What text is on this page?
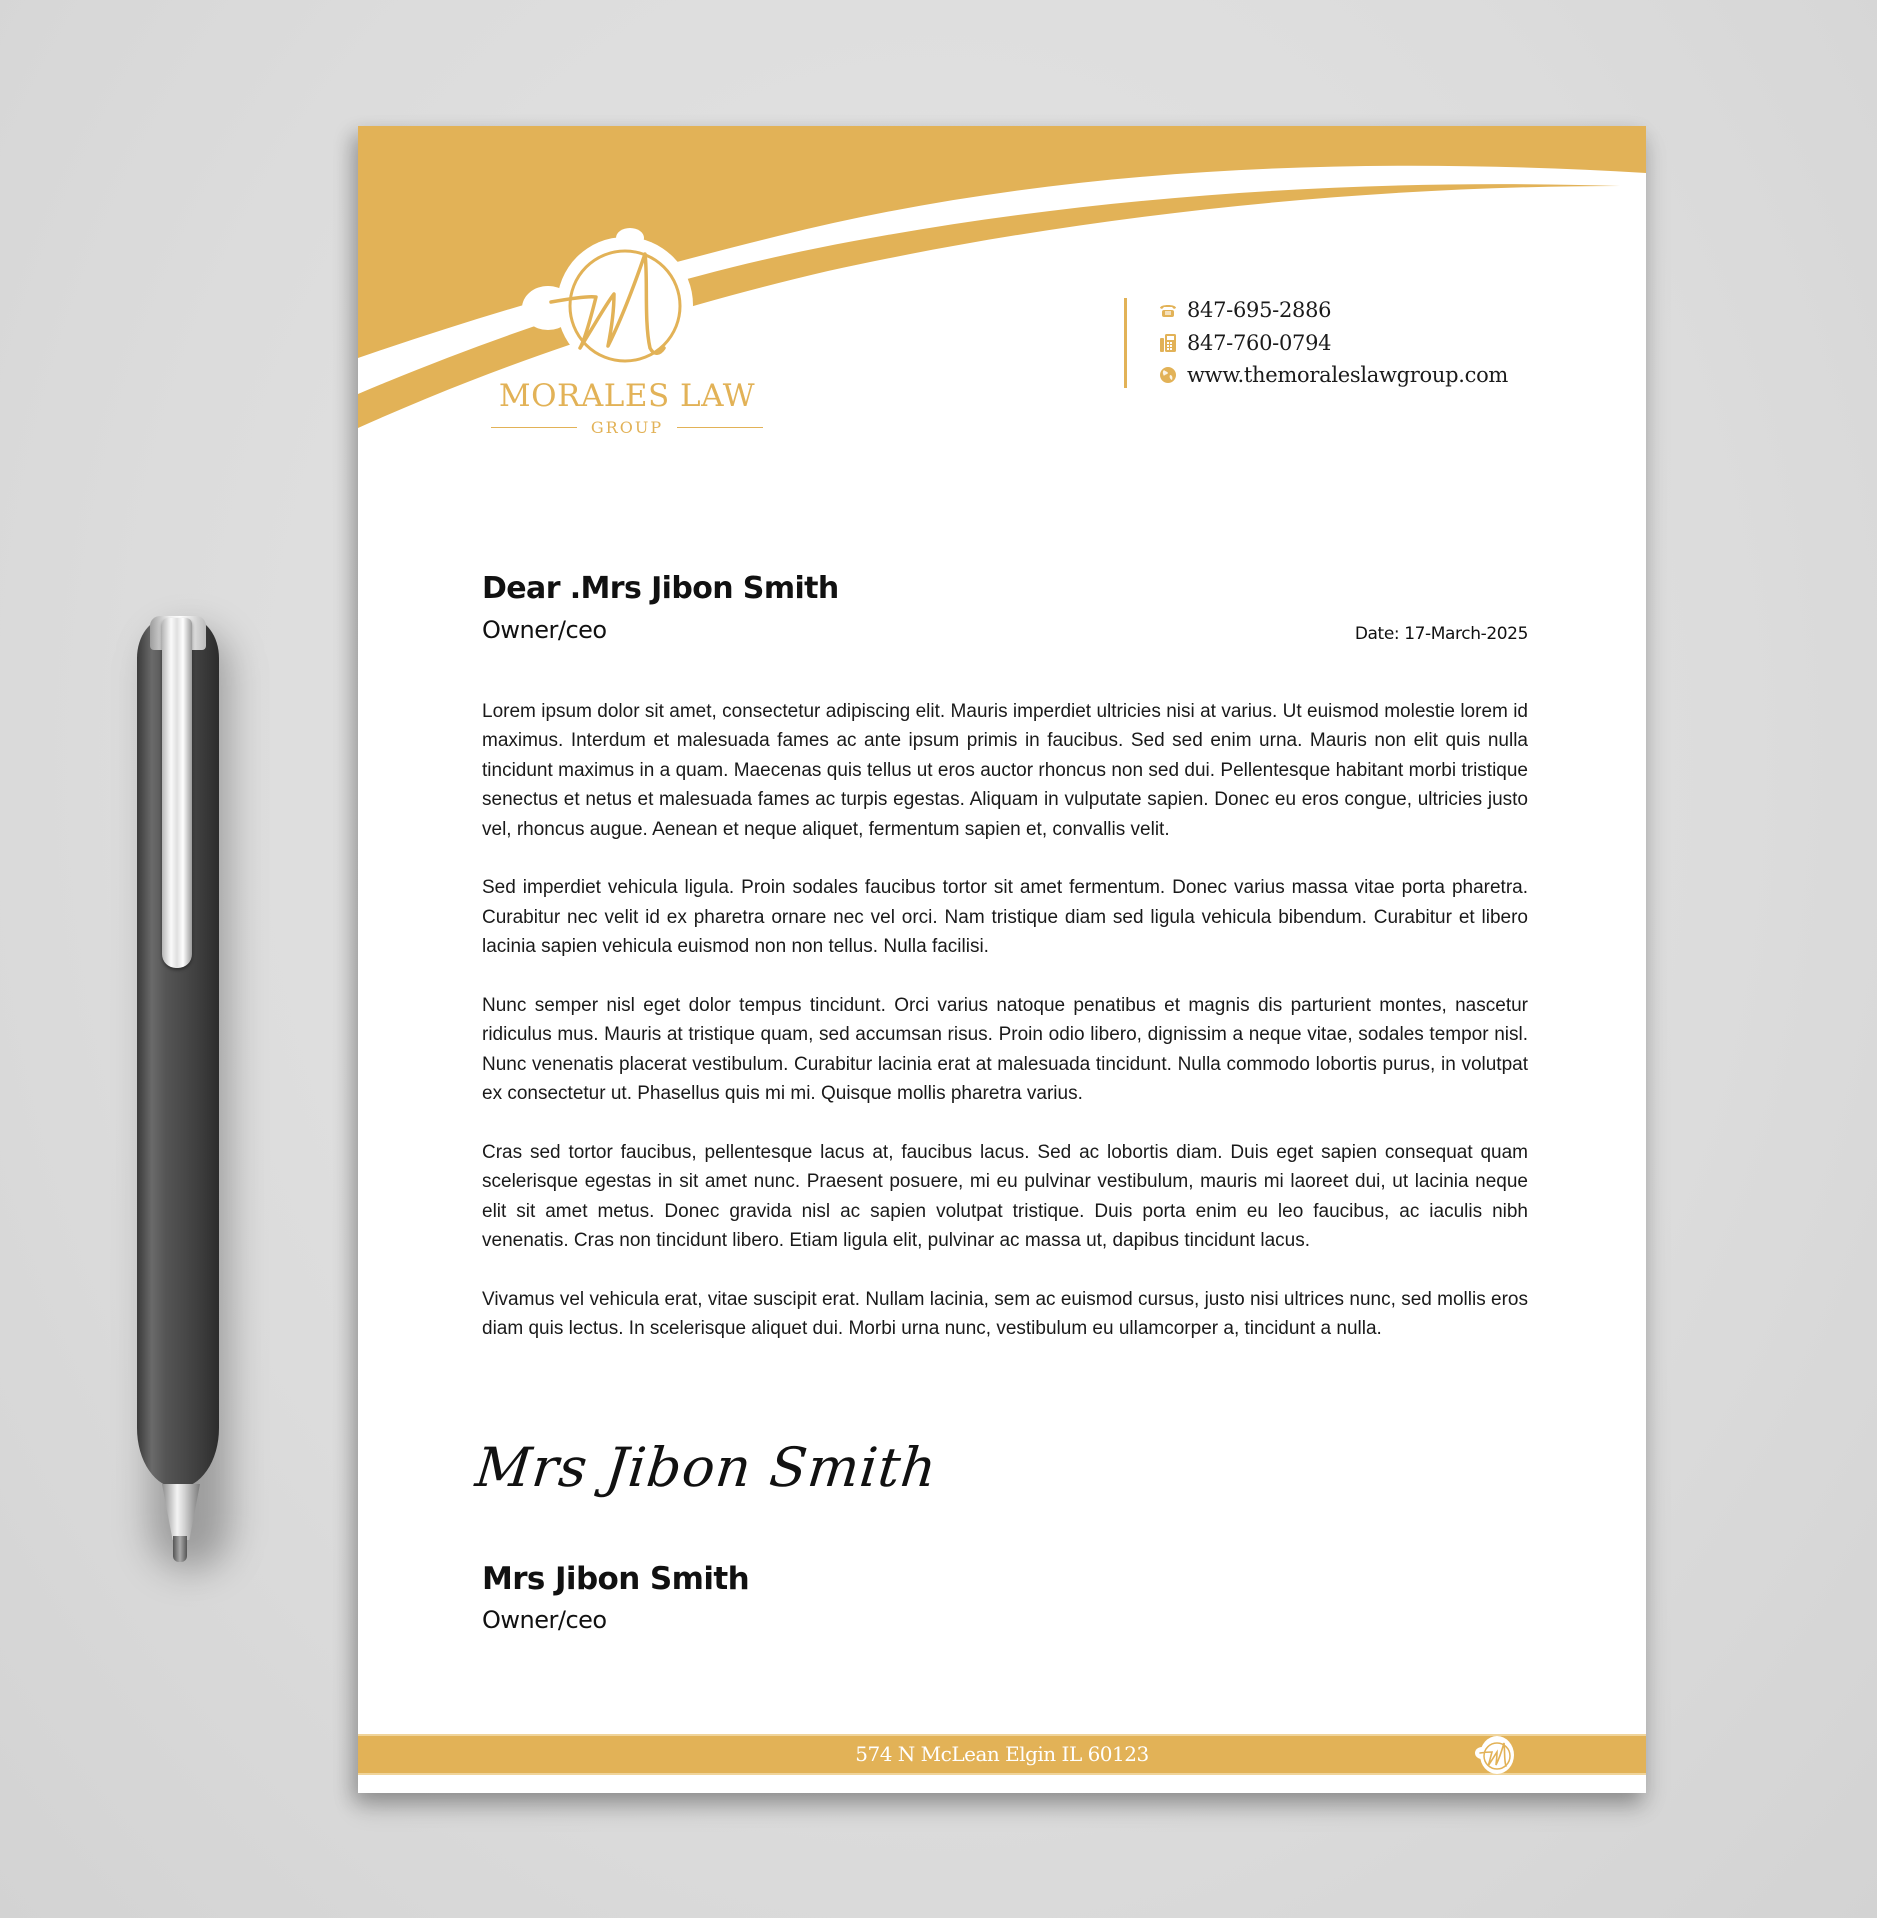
MORALES LAW
GROUP
847-695-2886
847-760-0794
www.themoraleslawgroup.com
Dear .Mrs Jibon Smith
Owner/ceo	Date: 17-March-2025

Lorem ipsum dolor sit amet, consectetur adipiscing elit. Mauris imperdiet ultricies nisi at varius. Ut euismod molestie lorem id maximus. Interdum et malesuada fames ac ante ipsum primis in faucibus. Sed sed enim urna. Mauris non elit quis nulla tincidunt maximus in a quam. Maecenas quis tellus ut eros auctor rhoncus non sed dui. Pellentesque habitant morbi tristique senectus et netus et malesuada fames ac turpis egestas. Aliquam in vulputate sapien. Donec eu eros congue, ultricies justo vel, rhoncus augue. Aenean et neque aliquet, fermentum sapien et, convallis velit.

Sed imperdiet vehicula ligula. Proin sodales faucibus tortor sit amet fermentum. Donec varius massa vitae porta pharetra. Curabitur nec velit id ex pharetra ornare nec vel orci. Nam tristique diam sed ligula vehicula bibendum. Curabitur et libero lacinia sapien vehicula euismod non non tellus. Nulla facilisi.

Nunc semper nisl eget dolor tempus tincidunt. Orci varius natoque penatibus et magnis dis parturient montes, nascetur ridiculus mus. Mauris at tristique quam, sed accumsan risus. Proin odio libero, dignissim a neque vitae, sodales tempor nisl. Nunc venenatis placerat vestibulum. Curabitur lacinia erat at malesuada tincidunt. Nulla commodo lobortis purus, in volutpat ex consectetur ut. Phasellus quis mi mi. Quisque mollis pharetra varius.

Cras sed tortor faucibus, pellentesque lacus at, faucibus lacus. Sed ac lobortis diam. Duis eget sapien consequat quam scelerisque egestas in sit amet nunc. Praesent posuere, mi eu pulvinar vestibulum, mauris mi laoreet dui, ut lacinia neque elit sit amet metus. Donec gravida nisl ac sapien volutpat tristique. Duis porta enim eu leo faucibus, ac iaculis nibh venenatis. Cras non tincidunt libero. Etiam ligula elit, pulvinar ac massa ut, dapibus tincidunt lacus.

Vivamus vel vehicula erat, vitae suscipit erat. Nullam lacinia, sem ac euismod cursus, justo nisi ultrices nunc, sed mollis eros diam quis lectus. In scelerisque aliquet dui. Morbi urna nunc, vestibulum eu ullamcorper a, tincidunt a nulla.

Mrs Jibon Smith
Mrs Jibon Smith
Owner/ceo
574 N McLean Elgin IL 60123
